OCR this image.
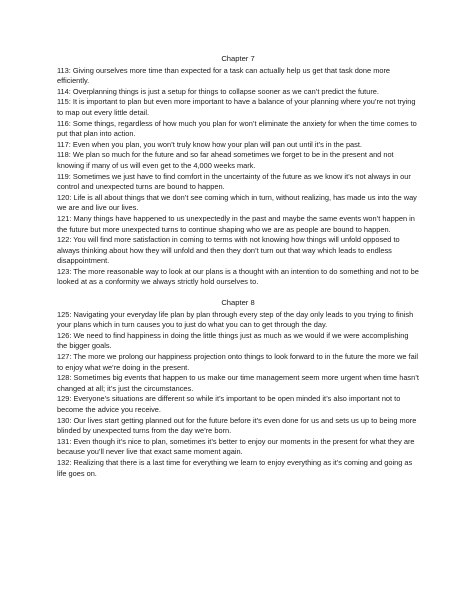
Chapter 7

113: Giving ourselves more time than expected for a task can actually help us get that task done more efficiently.

114: Overplanning things is just a setup for things to collapse sooner as we can’t predict the future.

115: It is important to plan but even more important to have a balance of your planning where you’re not trying to map out every little detail.

116: Some things, regardless of how much you plan for won’t eliminate the anxiety for when the time comes to put that plan into action.

117: Even when you plan, you won’t truly know how your plan will pan out until it’s in the past.

118: We plan so much for the future and so far ahead sometimes we forget to be in the present and not knowing if many of us will even get to the 4,000 weeks mark.

119: Sometimes we just have to find comfort in the uncertainty of the future as we know it’s not always in our control and unexpected turns are bound to happen.

120: Life is all about things that we don’t see coming which in turn, without realizing, has made us into the way we are and live our lives.

121: Many things have happened to us unexpectedly in the past and maybe the same events won’t happen in the future but more unexpected turns to continue shaping who we are as people are bound to happen.

122: You will find more satisfaction in coming to terms with not knowing how things will unfold opposed to always thinking about how they will unfold and then they don’t turn out that way which leads to endless disappointment.

123: The more reasonable way to look at our plans is a thought with an intention to do something and not to be looked at as a conformity we always strictly hold ourselves to.

Chapter 8

125: Navigating your everyday life plan by plan through every step of the day only leads to you trying to finish your plans which in turn causes you to just do what you can to get through the day.

126: We need to find happiness in doing the little things just as much as we would if we were accomplishing the bigger goals.

127: The more we prolong our happiness projection onto things to look forward to in the future the more we fail to enjoy what we’re doing in the present.

128: Sometimes big events that happen to us make our time management seem more urgent when time hasn’t changed at all; it’s just the circumstances.

129: Everyone’s situations are different so while it’s important to be open minded it’s also important not to become the advice you receive.

130: Our lives start getting planned out for the future before it’s even done for us and sets us up to being more blinded by unexpected turns from the day we’re born.

131: Even though it’s nice to plan, sometimes it’s better to enjoy our moments in the present for what they are because you’ll never live that exact same moment again.

132: Realizing that there is a last time for everything we learn to enjoy everything as it’s coming and going as life goes on.
